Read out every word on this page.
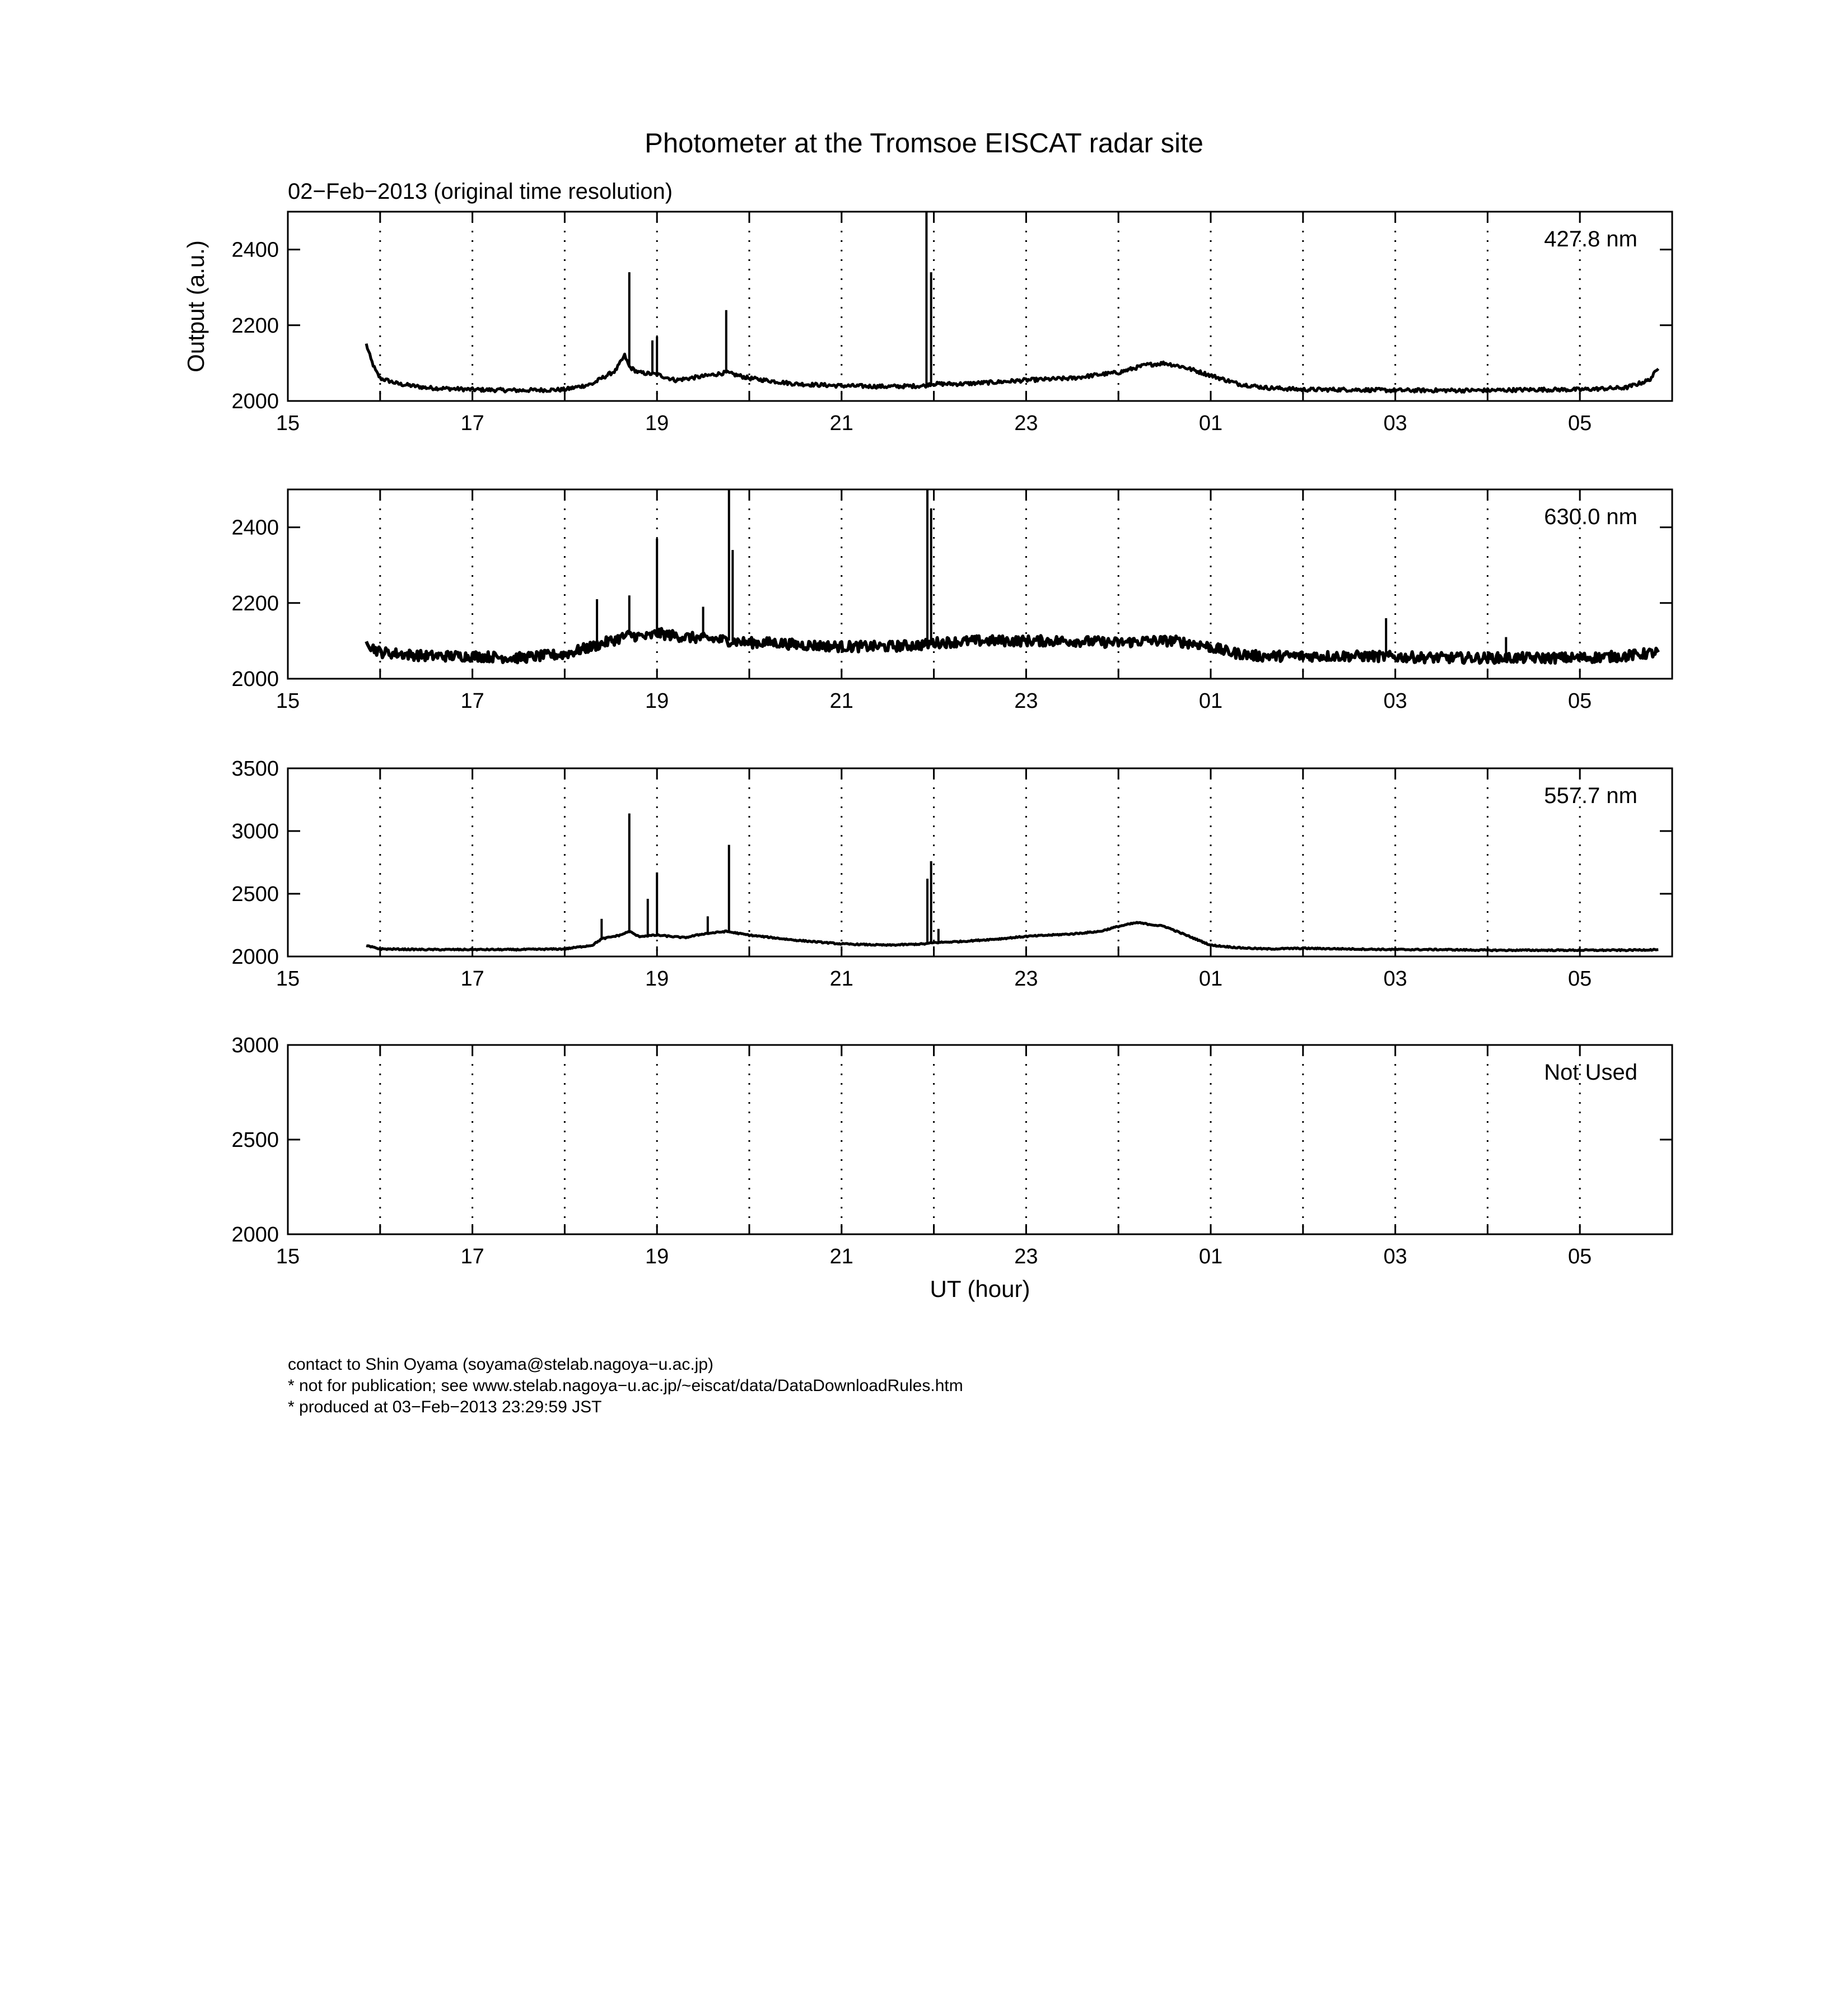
Photometer at the Tromsoe EISCAT radar site
02−Feb−2013 (original time resolution)
15	17	19	21	23	01	03	05
2000
2200
2400	427.8 nm
15	17	19	21	23	01	03	05
2000
2200
2400	630.0 nm
15	17	19	21	23	01	03	05
2000
2500
3000
3500
557.7 nm
15	17	19	21	23	01	03	05
2000
2500
3000
Not Used
UT (hour)
Output (a.u.)
contact to Shin Oyama (soyama@stelab.nagoya−u.ac.jp)
* not for publication; see www.stelab.nagoya−u.ac.jp/~eiscat/data/DataDownloadRules.htm
* produced at 03−Feb−2013 23:29:59 JST
